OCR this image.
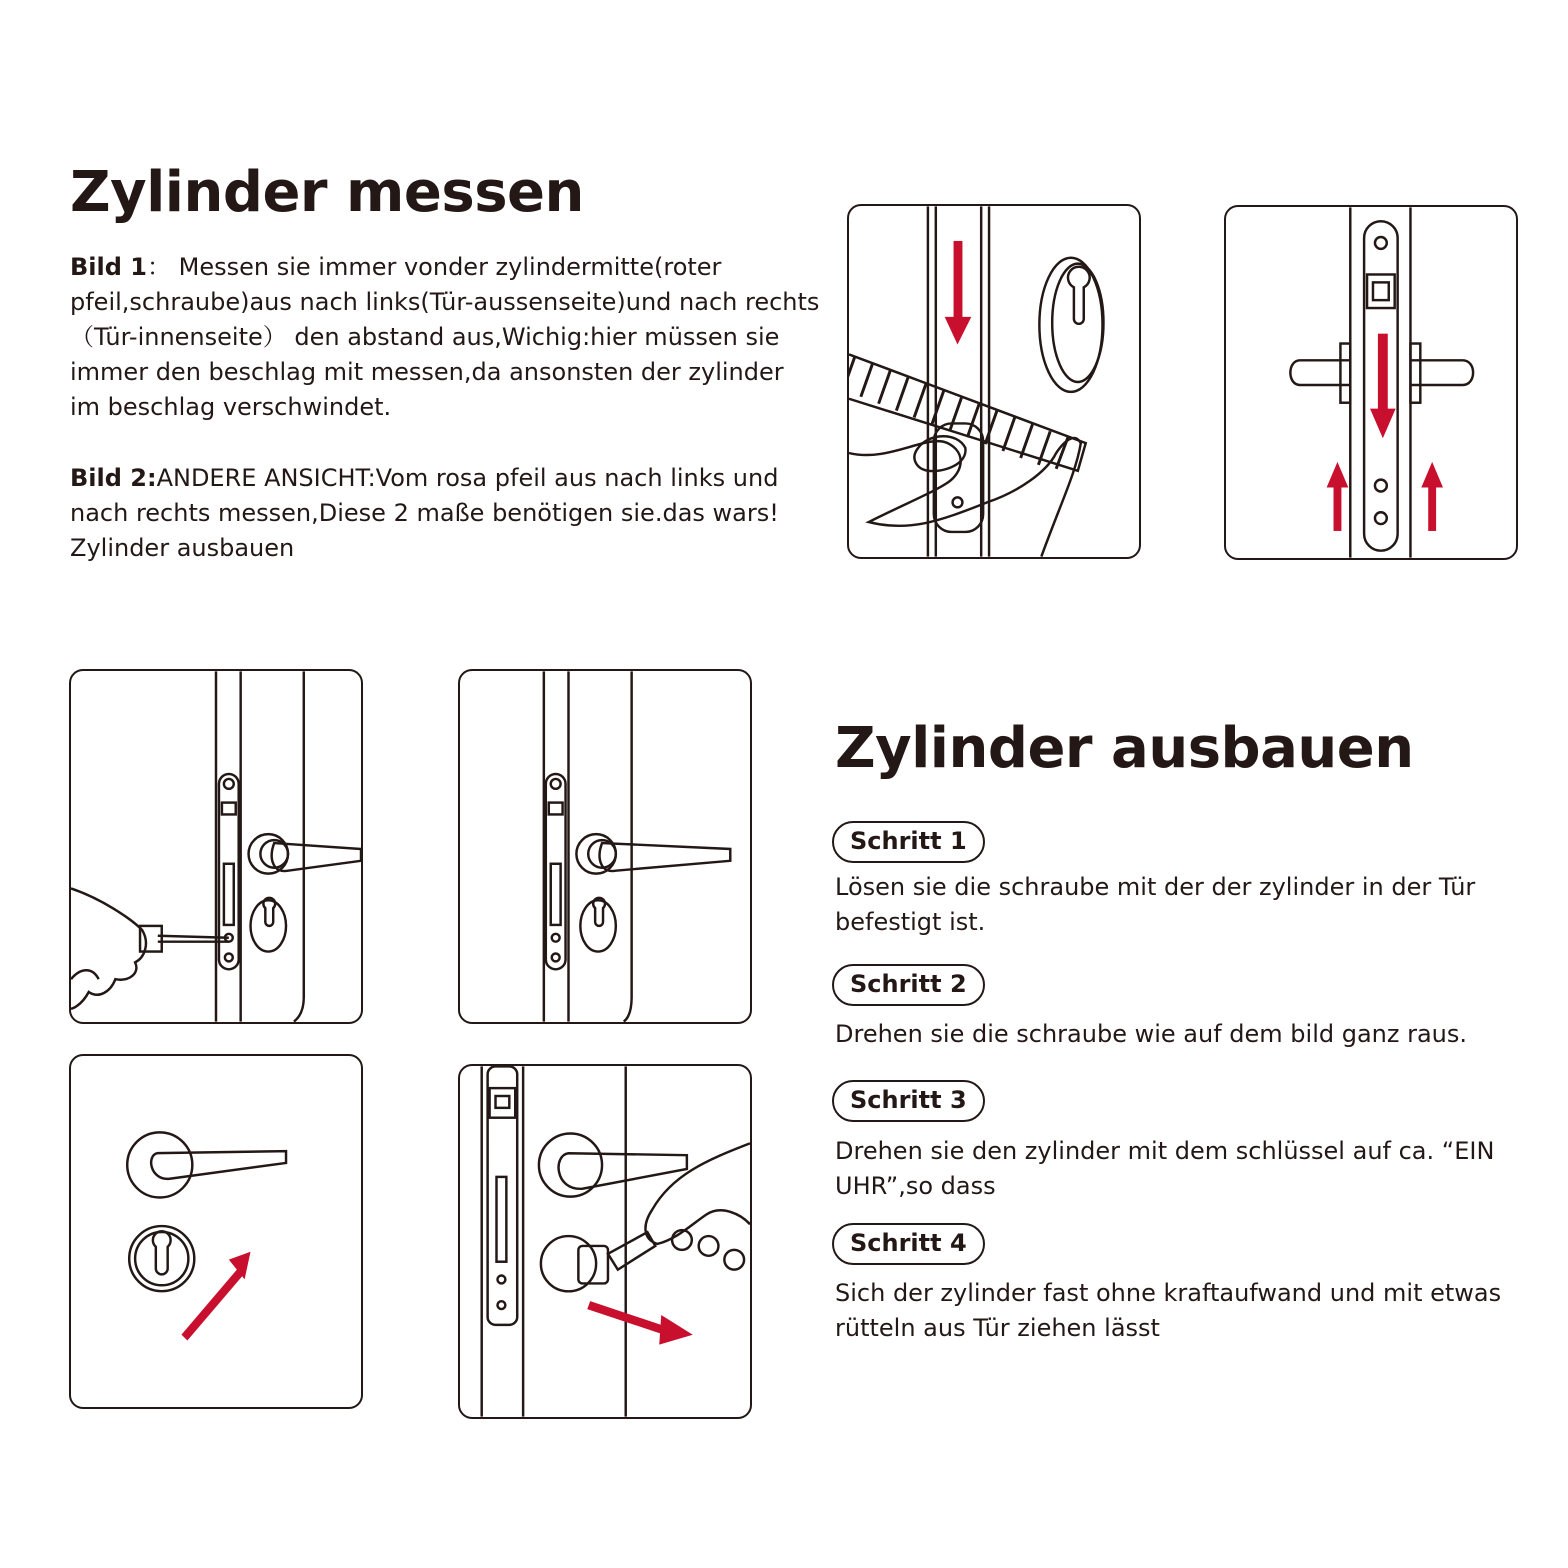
Zylinder messen

Bild 1： Messen sie immer vonder zylindermitte(roter pfeil,schraube)aus nach links(Tür-aussenseite)und nach rechts（Tür-innenseite） den abstand aus,Wichig:hier müssen sie immer den beschlag mit messen,da ansonsten der zylinder im beschlag verschwindet.

Bild 2:ANDERE ANSICHT:Vom rosa pfeil aus nach links und nach rechts messen,Diese 2 maße benötigen sie.das wars!
Zylinder ausbauen

Zylinder ausbauen
Schritt 1

Lösen sie die schraube mit der der zylinder in der Tür befestigt ist.

Schritt 2

Drehen sie die schraube wie auf dem bild ganz raus.

Schritt 3

Drehen sie den zylinder mit dem schlüssel auf ca. “EIN UHR”,so dass

Schritt 4

Sich der zylinder fast ohne kraftaufwand und mit etwas rütteln aus Tür ziehen lässt
